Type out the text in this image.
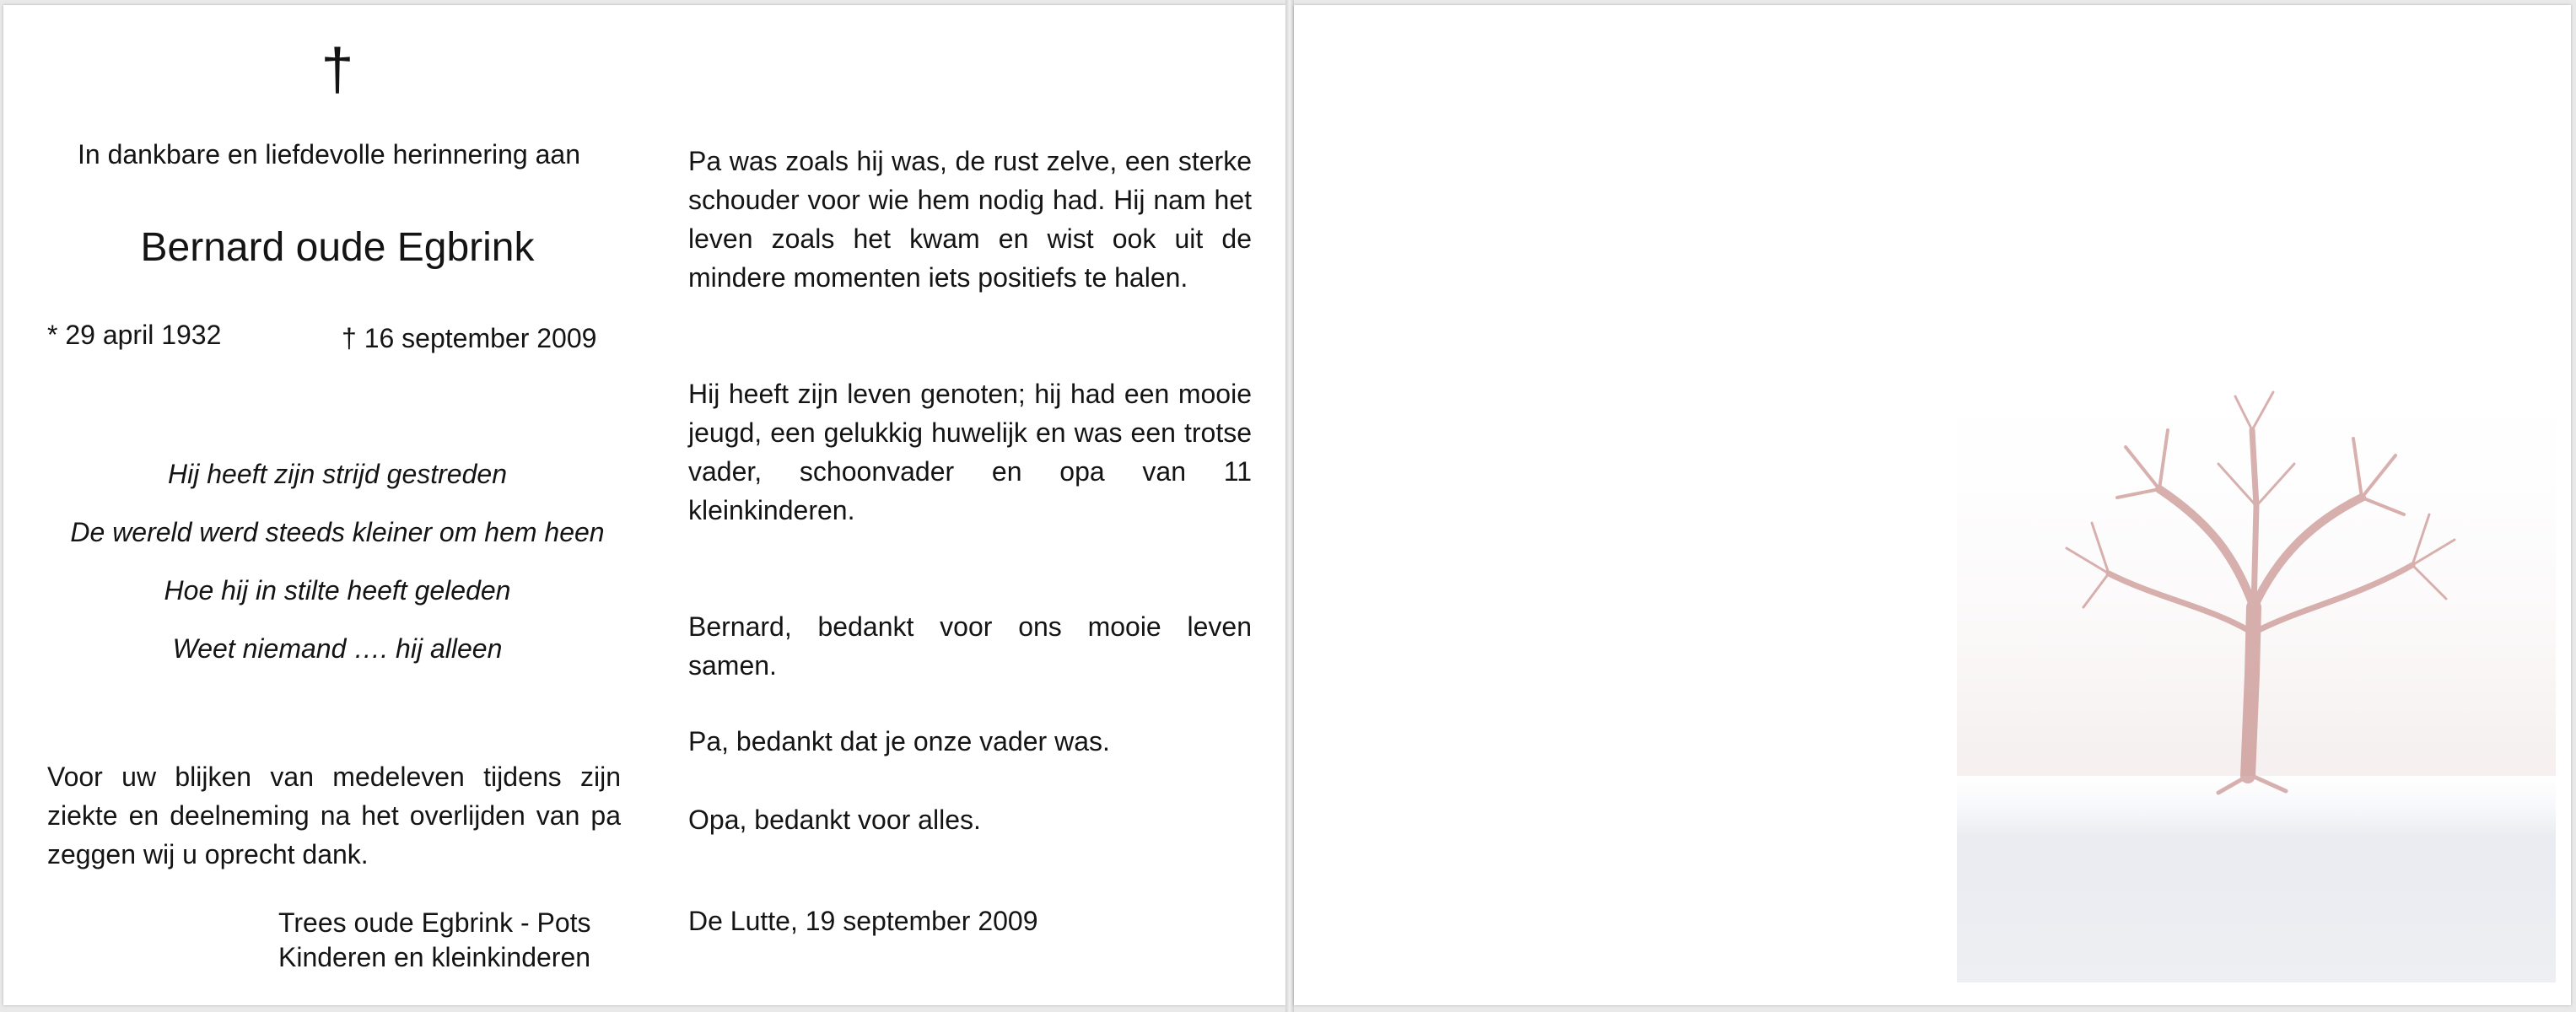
†
In dankbare en liefdevolle herinnering aan
Bernard oude Egbrink
* 29 april 1932	† 16 september 2009
Hij heeft zijn strijd gestreden
De wereld werd steeds kleiner om hem heen
Hoe hij in stilte heeft geleden
Weet niemand …. hij alleen
Voor uw blijken van medeleven tijdens zijn ziekte en deelneming na het overlijden van pa zeggen wij u oprecht dank.
Trees oude Egbrink - Pots
Kinderen en kleinkinderen
Pa was zoals hij was, de rust zelve, een sterke schouder voor wie hem nodig had. Hij nam het leven zoals het kwam en wist ook uit de mindere momenten iets positiefs te halen.
Hij heeft zijn leven genoten; hij had een mooie jeugd, een gelukkig huwelijk en was een trotse vader, schoonvader en opa van 11 kleinkinderen.
Bernard, bedankt voor ons mooie leven samen.
Pa, bedankt dat je onze vader was.
Opa, bedankt voor alles.
De Lutte, 19 september 2009
